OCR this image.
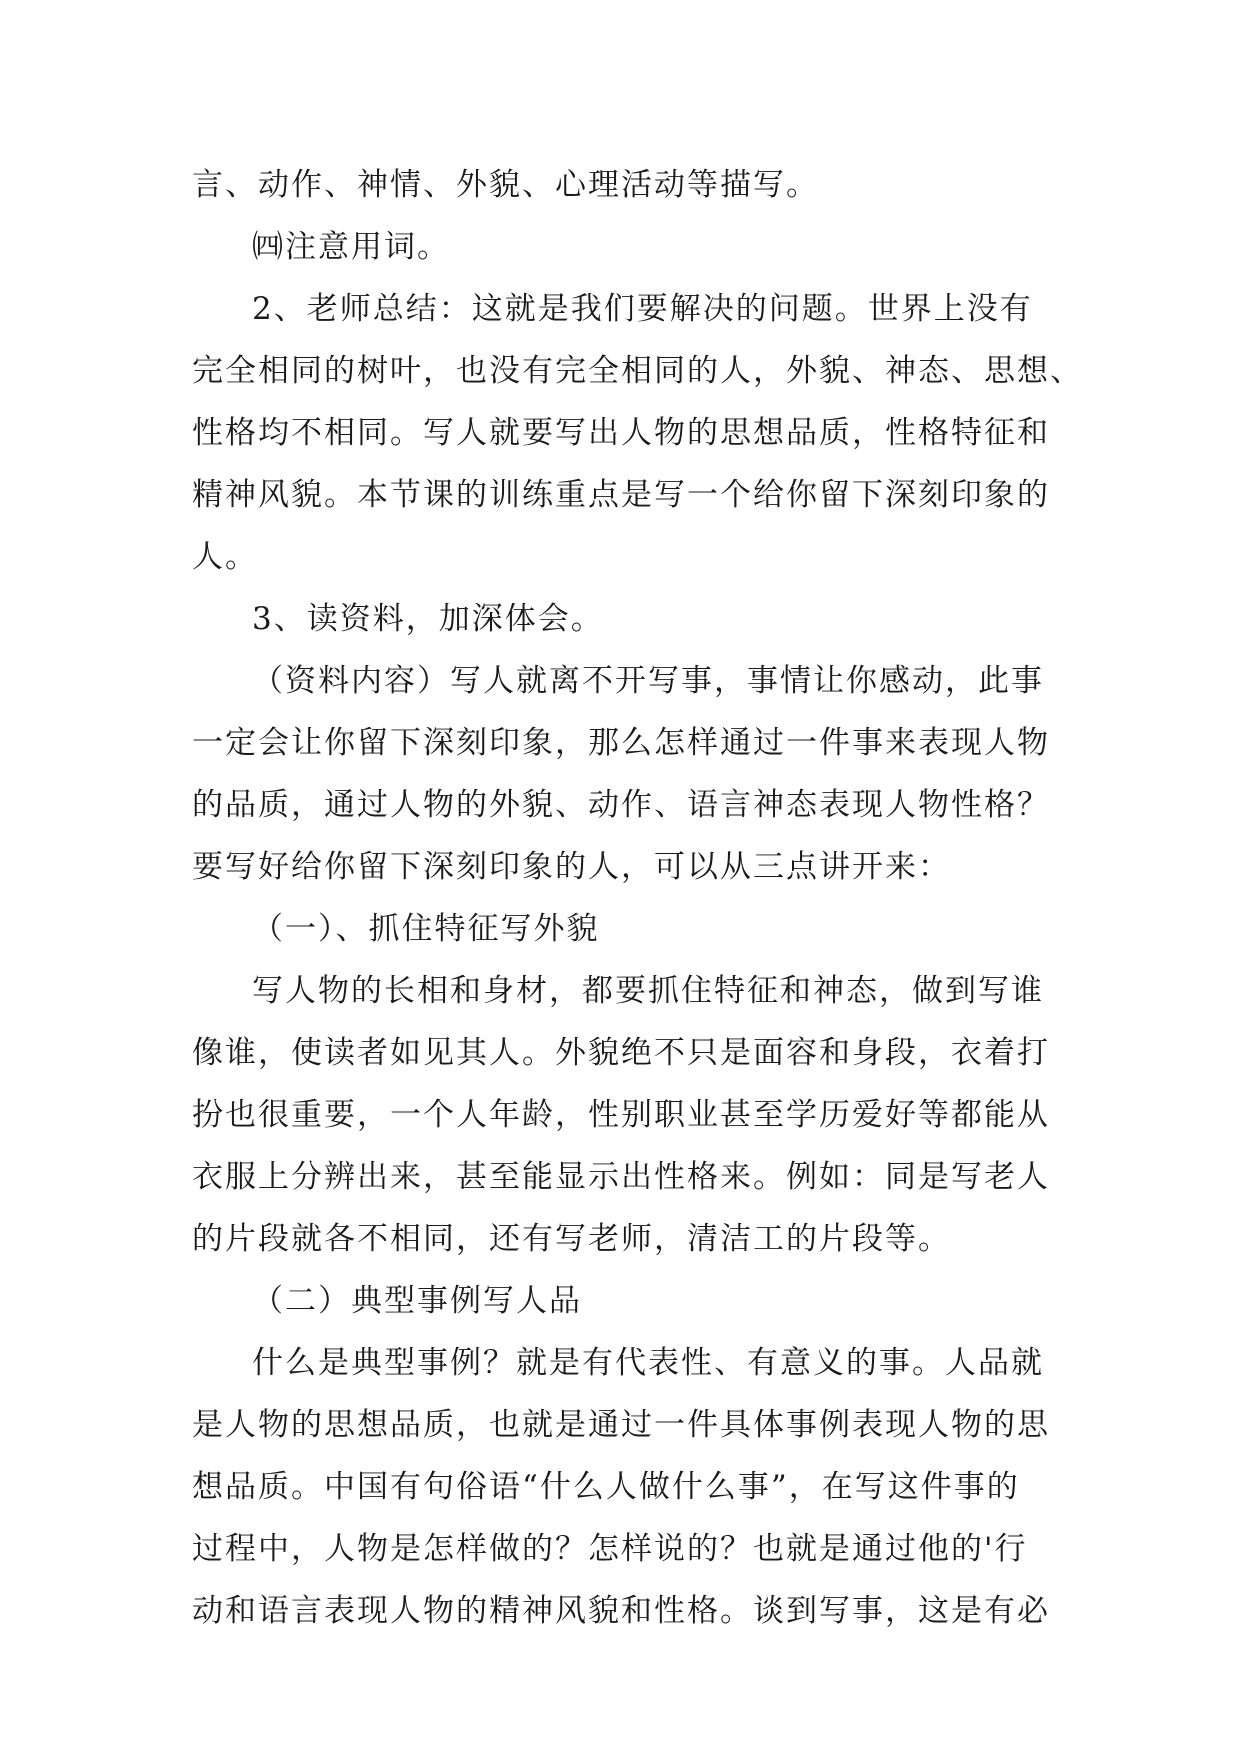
言、动作、神情、外貌、心理活动等描写。
㈣注意用词。
2、老师总结：这就是我们要解决的问题。世界上没有
完全相同的树叶，也没有完全相同的人，外貌、神态、思想、
性格均不相同。写人就要写出人物的思想品质，性格特征和
精神风貌。本节课的训练重点是写一个给你留下深刻印象的
人。
3、读资料，加深体会。
（资料内容）写人就离不开写事，事情让你感动，此事
一定会让你留下深刻印象，那么怎样通过一件事来表现人物
的品质，通过人物的外貌、动作、语言神态表现人物性格？
要写好给你留下深刻印象的人，可以从三点讲开来：
（一）、抓住特征写外貌
写人物的长相和身材，都要抓住特征和神态，做到写谁
像谁，使读者如见其人。外貌绝不只是面容和身段，衣着打
扮也很重要，一个人年龄，性别职业甚至学历爱好等都能从
衣服上分辨出来，甚至能显示出性格来。例如：同是写老人
的片段就各不相同，还有写老师，清洁工的片段等。
（二）典型事例写人品
什么是典型事例？就是有代表性、有意义的事。人品就
是人物的思想品质，也就是通过一件具体事例表现人物的思
想品质。中国有句俗语“什么人做什么事”，在写这件事的
过程中，人物是怎样做的？怎样说的？也就是通过他的'行
动和语言表现人物的精神风貌和性格。谈到写事，这是有必
